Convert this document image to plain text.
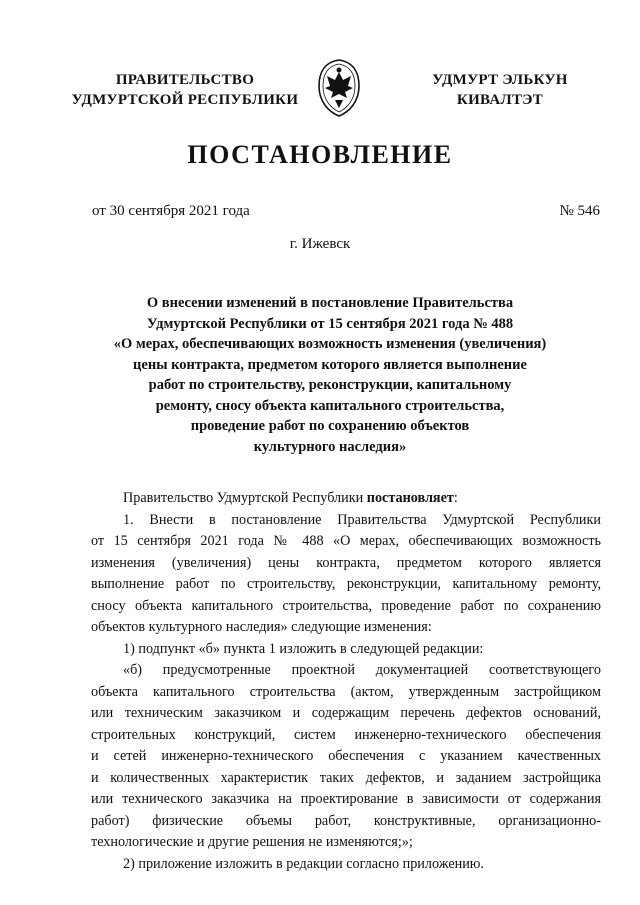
ПРАВИТЕЛЬСТВО
УДМУРТСКОЙ РЕСПУБЛИКИ
УДМУРТ ЭЛЬКУН
КИВАЛТЭТ
ПОСТАНОВЛЕНИЕ
от 30 сентября 2021 года	№ 546
г. Ижевск
О внесении изменений в постановление Правительства
Удмуртской Республики от 15 сентября 2021 года № 488
«О мерах, обеспечивающих возможность изменения (увеличения)
цены контракта, предметом которого является выполнение
работ по строительству, реконструкции, капитальному
ремонту, сносу объекта капитального строительства,
проведение работ по сохранению объектов
культурного наследия»

Правительство Удмуртской Республики постановляет:

1. Внести в постановление Правительства Удмуртской Республики
от 15 сентября 2021 года № 488 «О мерах, обеспечивающих возможность
изменения (увеличения) цены контракта, предметом которого является
выполнение работ по строительству, реконструкции, капитальному ремонту,
сносу объекта капитального строительства, проведение работ по сохранению
объектов культурного наследия» следующие изменения:

1) подпункт «б» пункта 1 изложить в следующей редакции:

«б) предусмотренные проектной документацией соответствующего
объекта капитального строительства (актом, утвержденным застройщиком
или техническим заказчиком и содержащим перечень дефектов оснований,
строительных конструкций, систем инженерно-технического обеспечения
и сетей инженерно-технического обеспечения с указанием качественных
и количественных характеристик таких дефектов, и заданием застройщика
или технического заказчика на проектирование в зависимости от содержания
работ) физические объемы работ, конструктивные, организационно-
технологические и другие решения не изменяются;»;

2) приложение изложить в редакции согласно приложению.
